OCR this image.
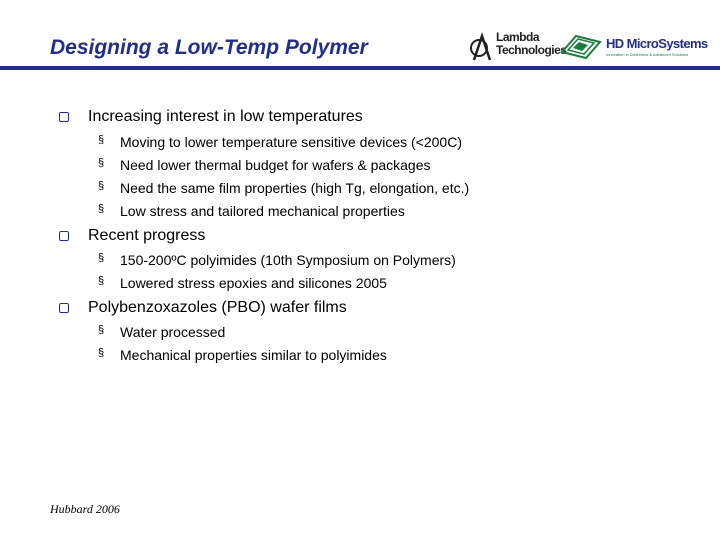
Designing a Low-Temp Polymer	Lambda
Technologies	HD MicroSystems
Innovation in Dielectrics & Advanced Solutions
Increasing interest in low temperatures
§ Moving to lower temperature sensitive devices (<200C)
§ Need lower thermal budget for wafers & packages
§ Need the same film properties (high Tg, elongation, etc.)
§ Low stress and tailored mechanical properties
Recent progress
§ 150-200ºC polyimides (10th Symposium on Polymers)
§ Lowered stress epoxies and silicones 2005
Polybenzoxazoles (PBO) wafer films
§ Water processed
§ Mechanical properties similar to polyimides
Hubbard 2006
